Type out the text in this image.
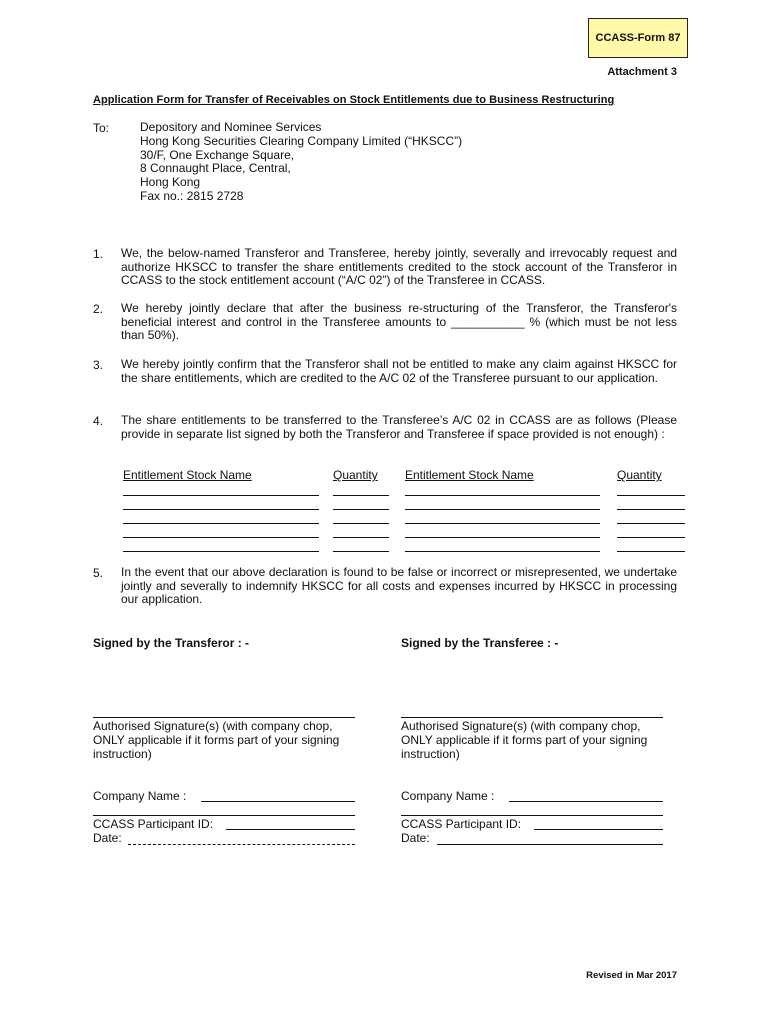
CCASS-Form 87
Attachment 3
Application Form for Transfer of Receivables on Stock Entitlements due to Business Restructuring
To:	Depository and Nominee Services
Hong Kong Securities Clearing Company Limited (“HKSCC”)
30/F, One Exchange Square,
8 Connaught Place, Central,
Hong Kong
Fax no.: 2815 2728
1. We, the below-named Transferor and Transferee, hereby jointly, severally and irrevocably request and authorize HKSCC to transfer the share entitlements credited to the stock account of the Transferor in CCASS to the stock entitlement account (“A/C 02”) of the Transferee in CCASS.
2. We hereby jointly declare that after the business re-structuring of the Transferor, the Transferor's beneficial interest and control in the Transferee amounts to ___________ % (which must be not less than 50%).
3. We hereby jointly confirm that the Transferor shall not be entitled to make any claim against HKSCC for the share entitlements, which are credited to the A/C 02 of the Transferee pursuant to our application.
4. The share entitlements to be transferred to the Transferee’s A/C 02 in CCASS are as follows (Please provide in separate list signed by both the Transferor and Transferee if space provided is not enough) :
Entitlement Stock Name	Quantity Entitlement Stock Name	Quantity
5. In the event that our above declaration is found to be false or incorrect or misrepresented, we undertake jointly and severally to indemnify HKSCC for all costs and expenses incurred by HKSCC in processing our application.
Signed by the Transferor : -
Authorised Signature(s) (with company chop, ONLY applicable if it forms part of your signing instruction)
Company Name :
CCASS Participant ID:
Date:
Signed by the Transferee : -
Authorised Signature(s) (with company chop, ONLY applicable if it forms part of your signing instruction)
Company Name :
CCASS Participant ID:
Date:
Revised in Mar 2017
